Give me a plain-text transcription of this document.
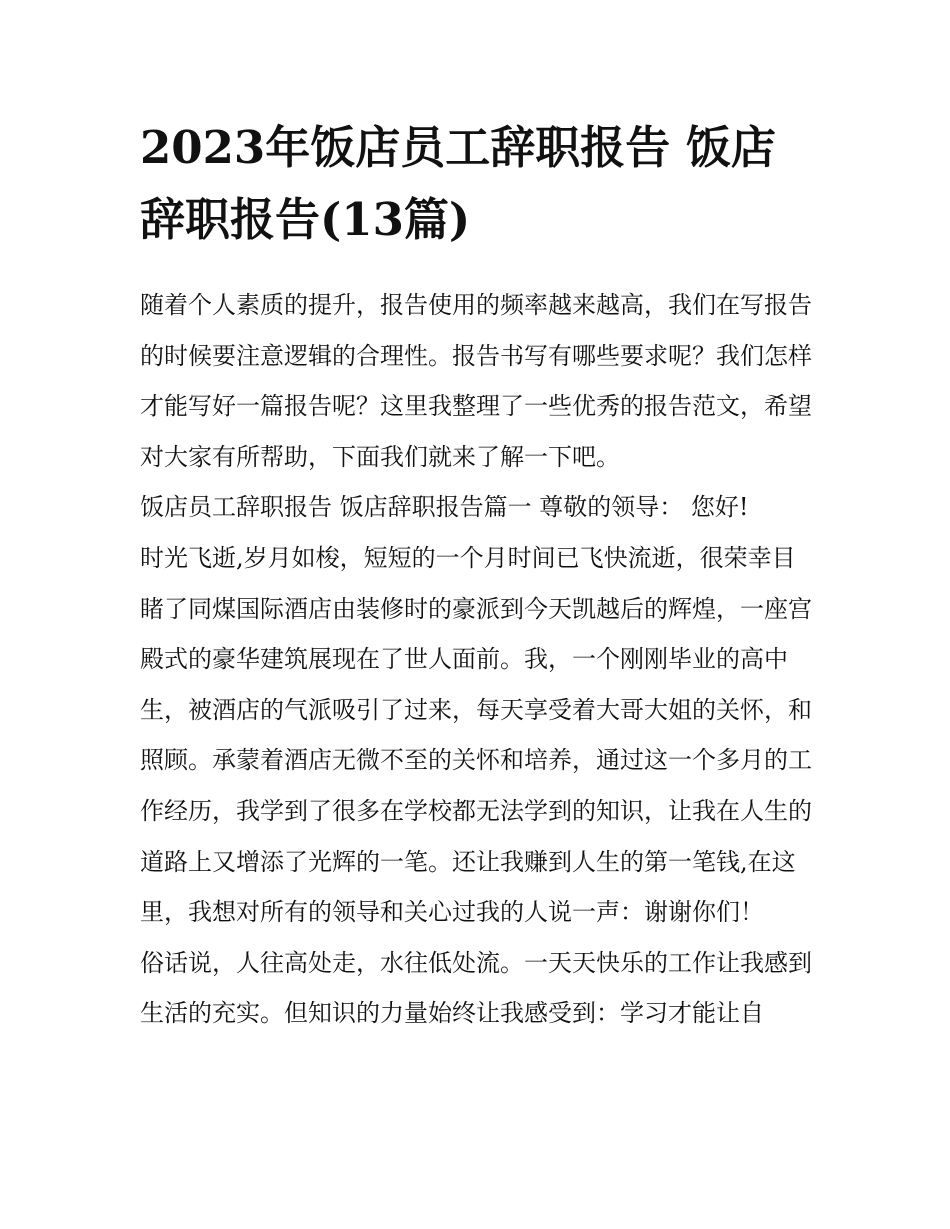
2023年饭店员工辞职报告 饭店辞职报告(13篇)

随着个人素质的提升，报告使用的频率越来越高，我们在写报告的时候要注意逻辑的合理性。报告书写有哪些要求呢？我们怎样才能写好一篇报告呢？这里我整理了一些优秀的报告范文，希望对大家有所帮助，下面我们就来了解一下吧。

饭店员工辞职报告 饭店辞职报告篇一 尊敬的领导： 您好!

时光飞逝,岁月如梭，短短的一个月时间已飞快流逝，很荣幸目睹了同煤国际酒店由装修时的豪派到今天凯越后的辉煌，一座宫殿式的豪华建筑展现在了世人面前。我，一个刚刚毕业的高中生，被酒店的气派吸引了过来，每天享受着大哥大姐的关怀，和照顾。承蒙着酒店无微不至的关怀和培养，通过这一个多月的工作经历，我学到了很多在学校都无法学到的知识，让我在人生的道路上又增添了光辉的一笔。还让我赚到人生的第一笔钱,在这里，我想对所有的领导和关心过我的人说一声：谢谢你们！

俗话说，人往高处走，水往低处流。一天天快乐的工作让我感到生活的充实。但知识的力量始终让我感受到：学习才能让自
